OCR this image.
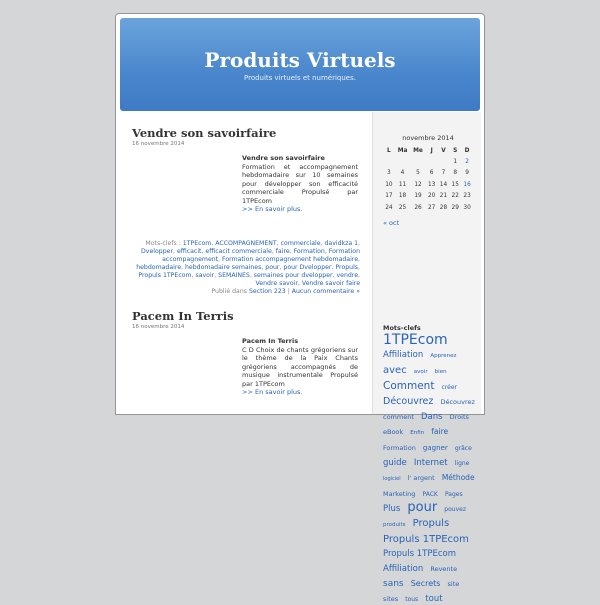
Produits Virtuels
Produits virtuels et numériques.
Vendre son savoirfaire
16 novembre 2014
Vendre son savoirfaire
Formation et accompagnement hebdomadaire sur 10 semaines pour développer son efficacité commerciale Propulsé par 1TPEcom
>> En savoir plus.
Mots-clefs : 1TPEcom, ACCOMPAGNEMENT, commerciale, davidkza 1, Dvelopper, efficacit, efficacit commerciale, faire, Formation, Formation accompagnement, Formation accompagnement hebdomadaire, hebdomadaire, hebdomadaire semaines, pour, pour Dvelopper, Propuls, Propuls 1TPEcom, savoir, SEMAINES, semaines pour dvelopper, vendre, Vendre savoir, Vendre savoir faire
Publié dans Section 223 | Aucun commentaire »
Pacem In Terris
16 novembre 2014
Pacem In Terris
C D Choix de chants grégoriens sur le thème de la Paix Chants grégoriens accompagnés de musique instrumentale Propulsé par 1TPEcom
>> En savoir plus.
novembre 2014
L	Ma	Me	J	V	S	D
					1	2
3	4	5	6	7	8	9
10	11	12	13	14	15	16
17	18	19	20	21	22	23
24	25	26	27	28	29	30
« oct
Mots-clefs
1TPEcom Affiliation Apprenez avec avoir bien Comment créer Découvrez Découvrez comment Dans Droits eBook Enfin faire Formation gagner grâce guide Internet ligne logiciel l' argent Méthode Marketing PACK Pages Plus pour pouvez produits Propuls Propuls 1TPEcom Propuls 1TPEcom Affiliation Revente sans Secrets site sites tous tout
